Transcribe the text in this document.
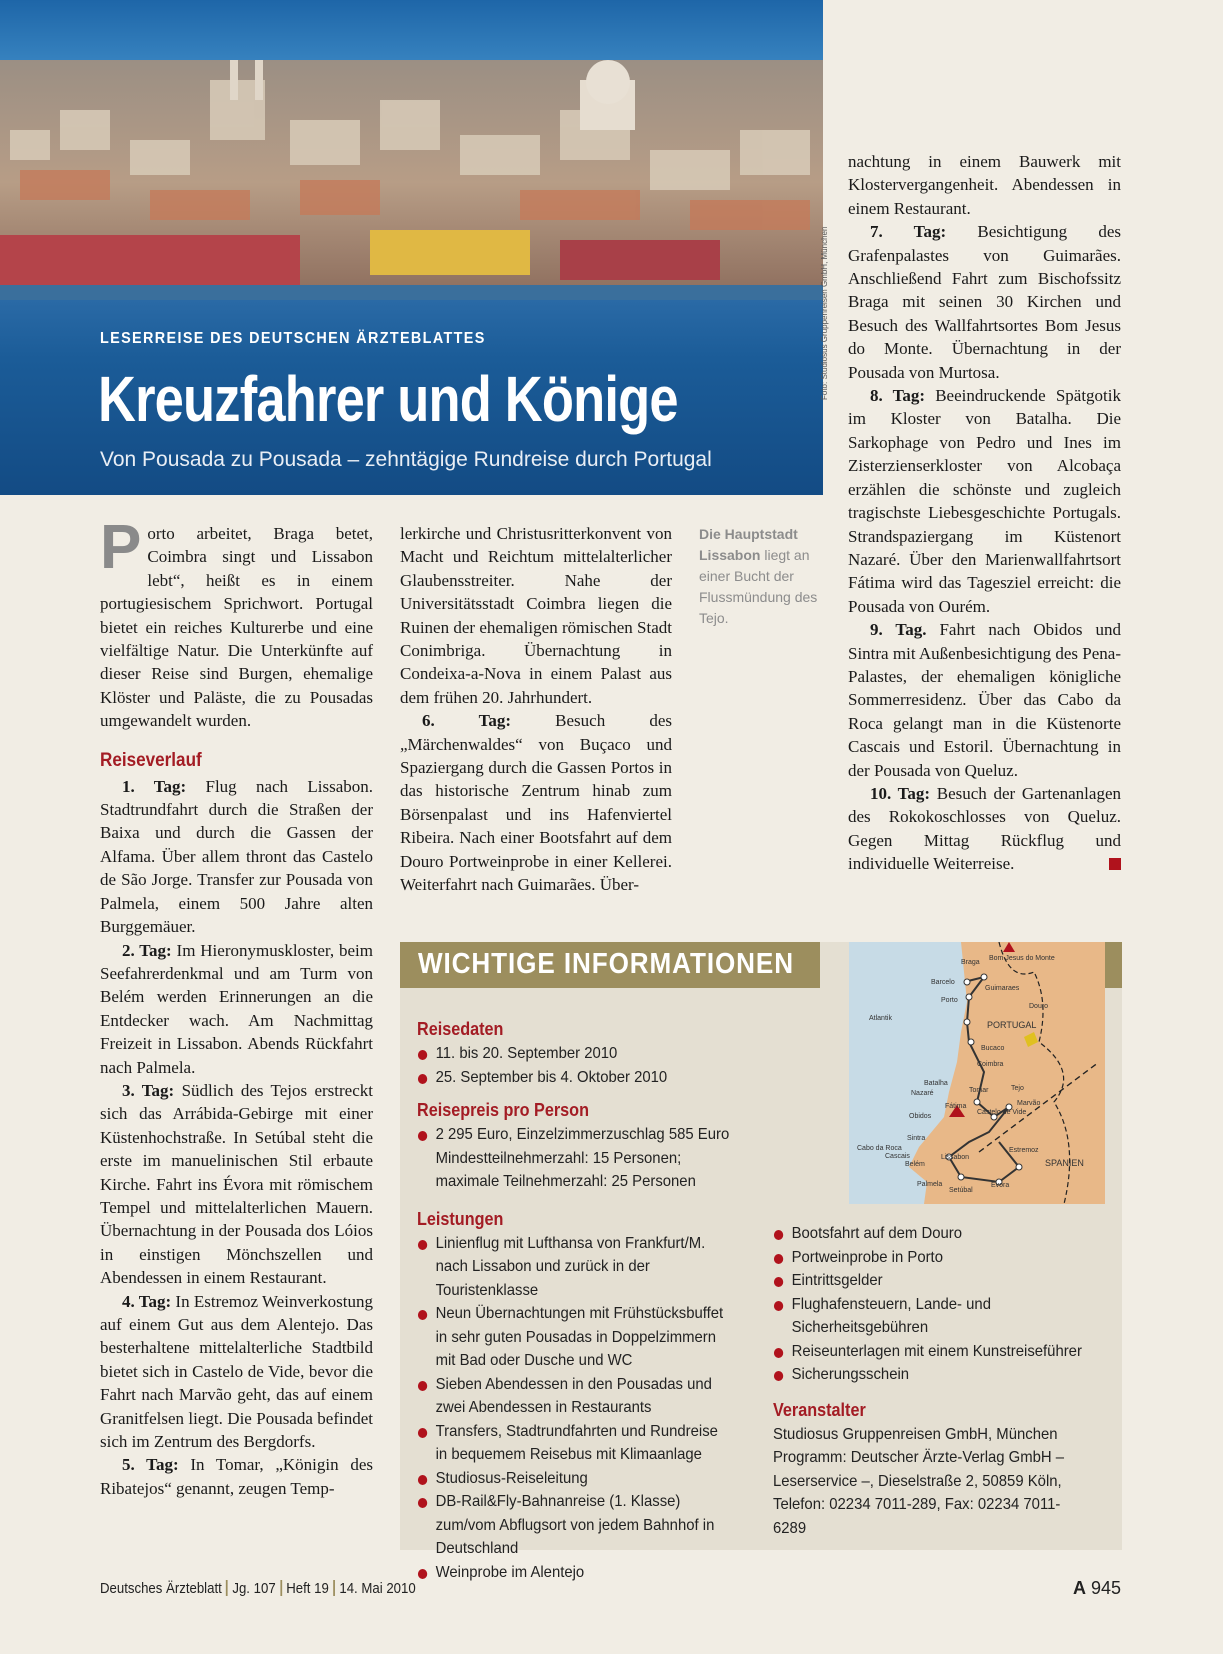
LESERREISE DES DEUTSCHEN ÄRZTEBLATTES
Kreuzfahrer und Könige
Von Pousada zu Pousada – zehntägige Rundreise durch Portugal
Foto: Studiosus Gruppenreisen GmbH, München

Porto arbeitet, Braga betet, Coimbra singt und Lissabon lebt“, heißt es in einem portugiesischem Sprichwort. Portugal bietet ein reiches Kulturerbe und eine vielfältige Natur. Die Unterkünfte auf dieser Reise sind Burgen, ehemalige Klöster und Paläste, die zu Pousadas umgewandelt wurden.

Reiseverlauf

1. Tag: Flug nach Lissabon. Stadtrundfahrt durch die Straßen der Baixa und durch die Gassen der Alfama. Über allem thront das Castelo de São Jorge. Transfer zur Pousada von Palmela, einem 500 Jahre alten Burggemäuer.

2. Tag: Im Hieronymuskloster, beim Seefahrerdenkmal und am Turm von Belém werden Erinnerungen an die Entdecker wach. Am Nachmittag Freizeit in Lissabon. Abends Rückfahrt nach Palmela.

3. Tag: Südlich des Tejos erstreckt sich das Arrábida-Gebirge mit einer Küstenhochstraße. In Setúbal steht die erste im manuelinischen Stil erbaute Kirche. Fahrt ins Évora mit römischem Tempel und mittelalterlichen Mauern. Übernachtung in der Pousada dos Lóios in einstigen Mönchszellen und Abendessen in einem Restaurant.

4. Tag: In Estremoz Weinverkostung auf einem Gut aus dem Alentejo. Das besterhaltene mittelalterliche Stadtbild bietet sich in Castelo de Vide, bevor die Fahrt nach Marvão geht, das auf einem Granitfelsen liegt. Die Pousada befindet sich im Zentrum des Bergdorfs.

5. Tag: In Tomar, „Königin des Ribatejos“ genannt, zeugen Temp-

lerkirche und Christusritterkonvent von Macht und Reichtum mittelalterlicher Glaubensstreiter. Nahe der Universitätsstadt Coimbra liegen die Ruinen der ehemaligen römischen Stadt Conimbriga. Übernachtung in Condeixa-a-Nova in einem Palast aus dem frühen 20. Jahrhundert.

6. Tag: Besuch des „Märchenwaldes“ von Buçaco und Spaziergang durch die Gassen Portos in das historische Zentrum hinab zum Börsenpalast und ins Hafenviertel Ribeira. Nach einer Bootsfahrt auf dem Douro Portweinprobe in einer Kellerei. Weiterfahrt nach Guimarães. Über-

Die Hauptstadt Lissabon liegt an einer Bucht der Flussmündung des Tejo.

nachtung in einem Bauwerk mit Klostervergangenheit. Abendessen in einem Restaurant.

7. Tag: Besichtigung des Grafenpalastes von Guimarães. Anschließend Fahrt zum Bischofssitz Braga mit seinen 30 Kirchen und Besuch des Wallfahrtsortes Bom Jesus do Monte. Übernachtung in der Pousada von Murtosa.

8. Tag: Beeindruckende Spätgotik im Kloster von Batalha. Die Sarkophage von Pedro und Ines im Zisterzienserkloster von Alcobaça erzählen die schönste und zugleich tragischste Liebesgeschichte Portugals. Strandspaziergang im Küstenort Nazaré. Über den Marienwallfahrtsort Fátima wird das Tagesziel erreicht: die Pousada von Ourém.

9. Tag. Fahrt nach Obidos und Sintra mit Außenbesichtigung des Pena-Palastes, der ehemaligen königliche Sommerresidenz. Über das Cabo da Roca gelangt man in die Küstenorte Cascais und Estoril. Übernachtung in der Pousada von Queluz.

10. Tag: Besuch der Gartenanlagen des Rokokoschlosses von Queluz. Gegen Mittag Rückflug und individuelle Weiterreise.

WICHTIGE INFORMATIONEN
Reisedaten
11. bis 20. September 2010
25. September bis 4. Oktober 2010
Reisepreis pro Person
2 295 Euro, Einzelzimmerzuschlag 585 Euro
Mindestteilnehmerzahl: 15 Personen;
maximale Teilnehmerzahl: 25 Personen
Leistungen
Linienflug mit Lufthansa von Frankfurt/M. nach Lissabon und zurück in der Touristenklasse
Neun Übernachtungen mit Frühstücksbuffet in sehr guten Pousadas in Doppelzimmern mit Bad oder Dusche und WC
Sieben Abendessen in den Pousadas und zwei Abendessen in Restaurants
Transfers, Stadtrundfahrten und Rundreise in bequemem Reisebus mit Klimaanlage
Studiosus-Reiseleitung
DB-Rail&Fly-Bahnanreise (1. Klasse) zum/vom Abflugsort von jedem Bahnhof in Deutschland
Weinprobe im Alentejo
Bootsfahrt auf dem Douro
Portweinprobe in Porto
Eintrittsgelder
Flughafensteuern, Lande- und Sicherheitsgebühren
Reiseunterlagen mit einem Kunstreiseführer
Sicherungsschein
Veranstalter
Studiosus Gruppenreisen GmbH, München
Programm: Deutscher Ärzte-Verlag GmbH – Leserservice –, Dieselstraße 2, 50859 Köln, Telefon: 02234 7011-289, Fax: 02234 7011-6289
Braga
Bom Jesus do Monte
Barcelo
Guimaraes
Porto
Douro
Atlantik
PORTUGAL
Bucaco
Coimbra
Batalha
Nazaré	Tomar	Tejo
Marvão
Fátima
Castelo de Vide
Obidos
Sintra
Cabo da Roca
Cascais
Belém
Lissabon
Estremoz
SPANIEN
Palmela
Setúbal
Évora
Deutsches Ärzteblatt Jg. 107 Heft 19 14. Mai 2010	A 945
